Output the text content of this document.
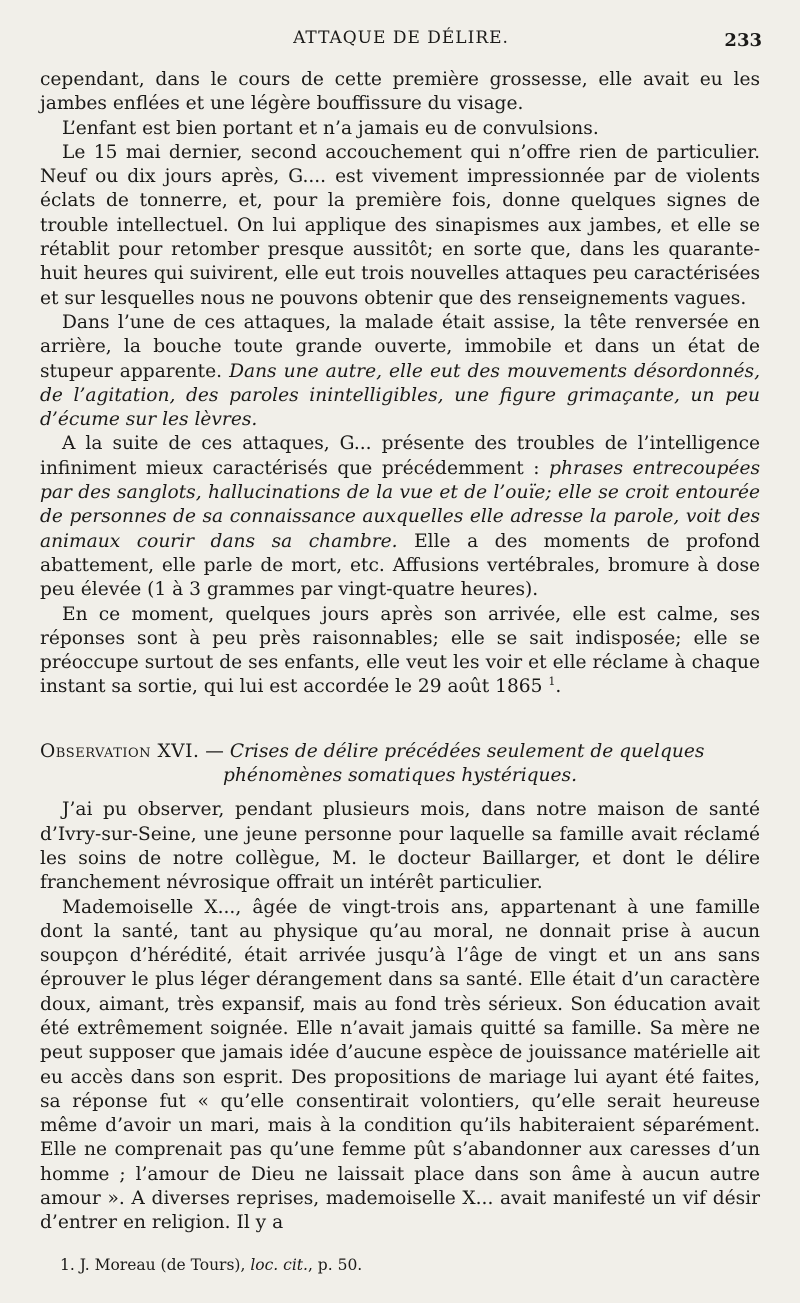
ATTAQUE DE DÉLIRE.	233

cependant, dans le cours de cette première grossesse, elle avait eu les jambes enflées et une légère bouffissure du visage.

L’enfant est bien portant et n’a jamais eu de convulsions.

Le 15 mai dernier, second accouchement qui n’offre rien de particulier. Neuf ou dix jours après, G.... est vivement impressionnée par de violents éclats de tonnerre, et, pour la première fois, donne quelques signes de trouble intellectuel. On lui applique des sinapismes aux jambes, et elle se rétablit pour retomber presque aussitôt; en sorte que, dans les quarante-huit heures qui suivirent, elle eut trois nouvelles attaques peu caractérisées et sur lesquelles nous ne pouvons obtenir que des renseignements vagues.

Dans l’une de ces attaques, la malade était assise, la tête renversée en arrière, la bouche toute grande ouverte, immobile et dans un état de stupeur apparente. Dans une autre, elle eut des mouvements désordonnés, de l’agitation, des paroles inintelligibles, une figure grimaçante, un peu d’écume sur les lèvres.

A la suite de ces attaques, G... présente des troubles de l’intelligence infiniment mieux caractérisés que précédemment : phrases entrecoupées par des sanglots, hallucinations de la vue et de l’ouïe; elle se croit entourée de personnes de sa connaissance auxquelles elle adresse la parole, voit des animaux courir dans sa chambre. Elle a des moments de profond abattement, elle parle de mort, etc. Affusions vertébrales, bromure à dose peu élevée (1 à 3 grammes par vingt-quatre heures).

En ce moment, quelques jours après son arrivée, elle est calme, ses réponses sont à peu près raisonnables; elle se sait indisposée; elle se préoccupe surtout de ses enfants, elle veut les voir et elle réclame à chaque instant sa sortie, qui lui est accordée le 29 août 1865 $^1$.

Observation XVI. — Crises de délire précédées seulement de quelques
phénomènes somatiques hystériques.

J’ai pu observer, pendant plusieurs mois, dans notre maison de santé d’Ivry-sur-Seine, une jeune personne pour laquelle sa famille avait réclamé les soins de notre collègue, M. le docteur Baillarger, et dont le délire franchement névrosique offrait un intérêt particulier.

Mademoiselle X..., âgée de vingt-trois ans, appartenant à une famille dont la santé, tant au physique qu’au moral, ne donnait prise à aucun soupçon d’hérédité, était arrivée jusqu’à l’âge de vingt et un ans sans éprouver le plus léger dérangement dans sa santé. Elle était d’un caractère doux, aimant, très expansif, mais au fond très sérieux. Son éducation avait été extrêmement soignée. Elle n’avait jamais quitté sa famille. Sa mère ne peut supposer que jamais idée d’aucune espèce de jouissance matérielle ait eu accès dans son esprit. Des propositions de mariage lui ayant été faites, sa réponse fut « qu’elle consentirait volontiers, qu’elle serait heureuse même d’avoir un mari, mais à la condition qu’ils habiteraient séparément. Elle ne comprenait pas qu’une femme pût s’abandonner aux caresses d’un homme ; l’amour de Dieu ne laissait place dans son âme à aucun autre amour ». A diverses reprises, mademoiselle X... avait manifesté un vif désir d’entrer en religion. Il y a

1. J. Moreau (de Tours), loc. cit., p. 50.
